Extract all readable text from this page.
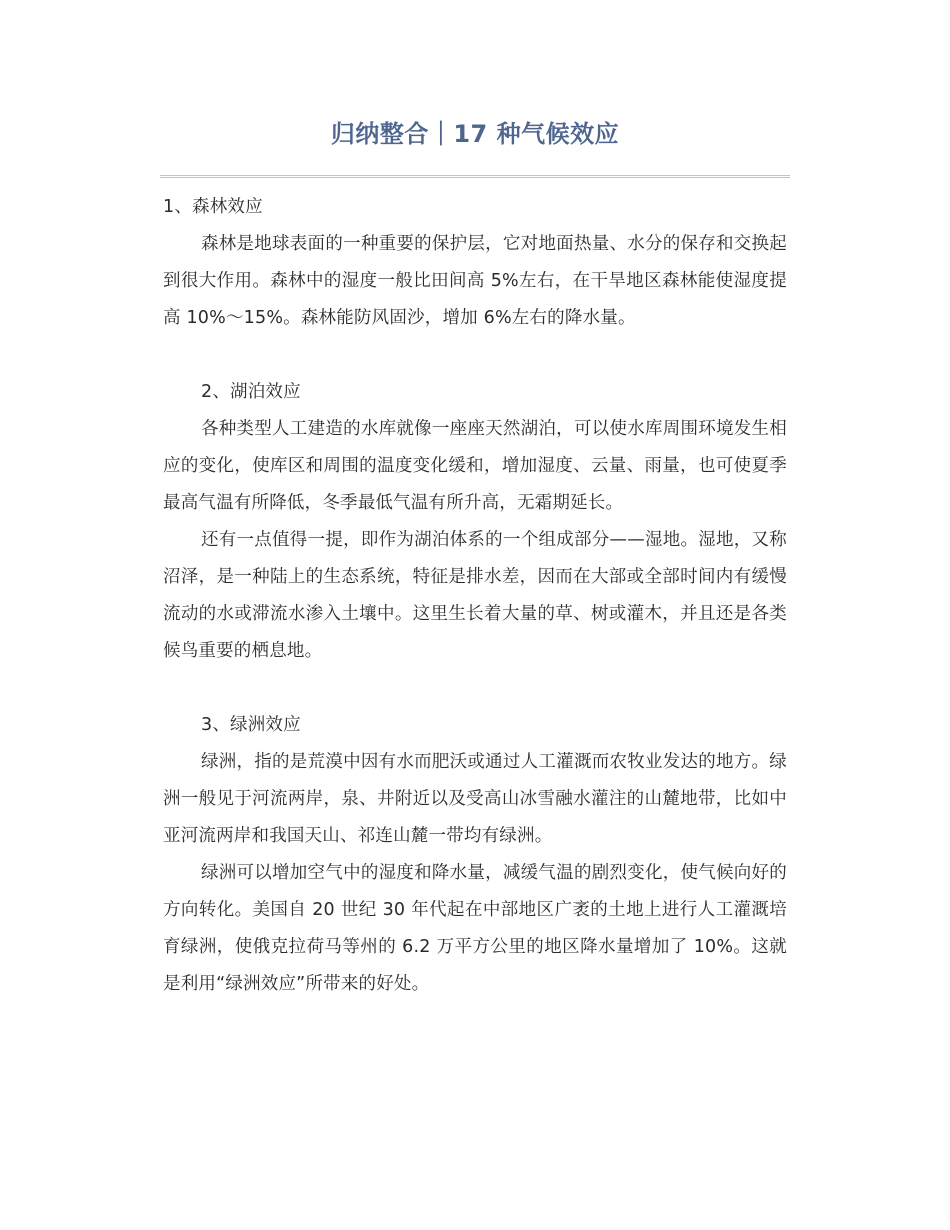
归纳整合｜17 种气候效应

1、森林效应

森林是地球表面的一种重要的保护层，它对地面热量、水分的保存和交换起到很大作用。森林中的湿度一般比田间高 5%左右，在干旱地区森林能使湿度提高 10%～15%。森林能防风固沙，增加 6%左右的降水量。

2、湖泊效应

各种类型人工建造的水库就像一座座天然湖泊，可以使水库周围环境发生相应的变化，使库区和周围的温度变化缓和，增加湿度、云量、雨量，也可使夏季最高气温有所降低，冬季最低气温有所升高，无霜期延长。

还有一点值得一提，即作为湖泊体系的一个组成部分——湿地。湿地，又称沼泽，是一种陆上的生态系统，特征是排水差，因而在大部或全部时间内有缓慢流动的水或滞流水渗入土壤中。这里生长着大量的草、树或灌木，并且还是各类候鸟重要的栖息地。

3、绿洲效应

绿洲，指的是荒漠中因有水而肥沃或通过人工灌溉而农牧业发达的地方。绿洲一般见于河流两岸，泉、井附近以及受高山冰雪融水灌注的山麓地带，比如中亚河流两岸和我国天山、祁连山麓一带均有绿洲。

绿洲可以增加空气中的湿度和降水量，减缓气温的剧烈变化，使气候向好的方向转化。美国自 20 世纪 30 年代起在中部地区广袤的土地上进行人工灌溉培育绿洲，使俄克拉荷马等州的 6.2 万平方公里的地区降水量增加了 10%。这就是利用“绿洲效应”所带来的好处。
